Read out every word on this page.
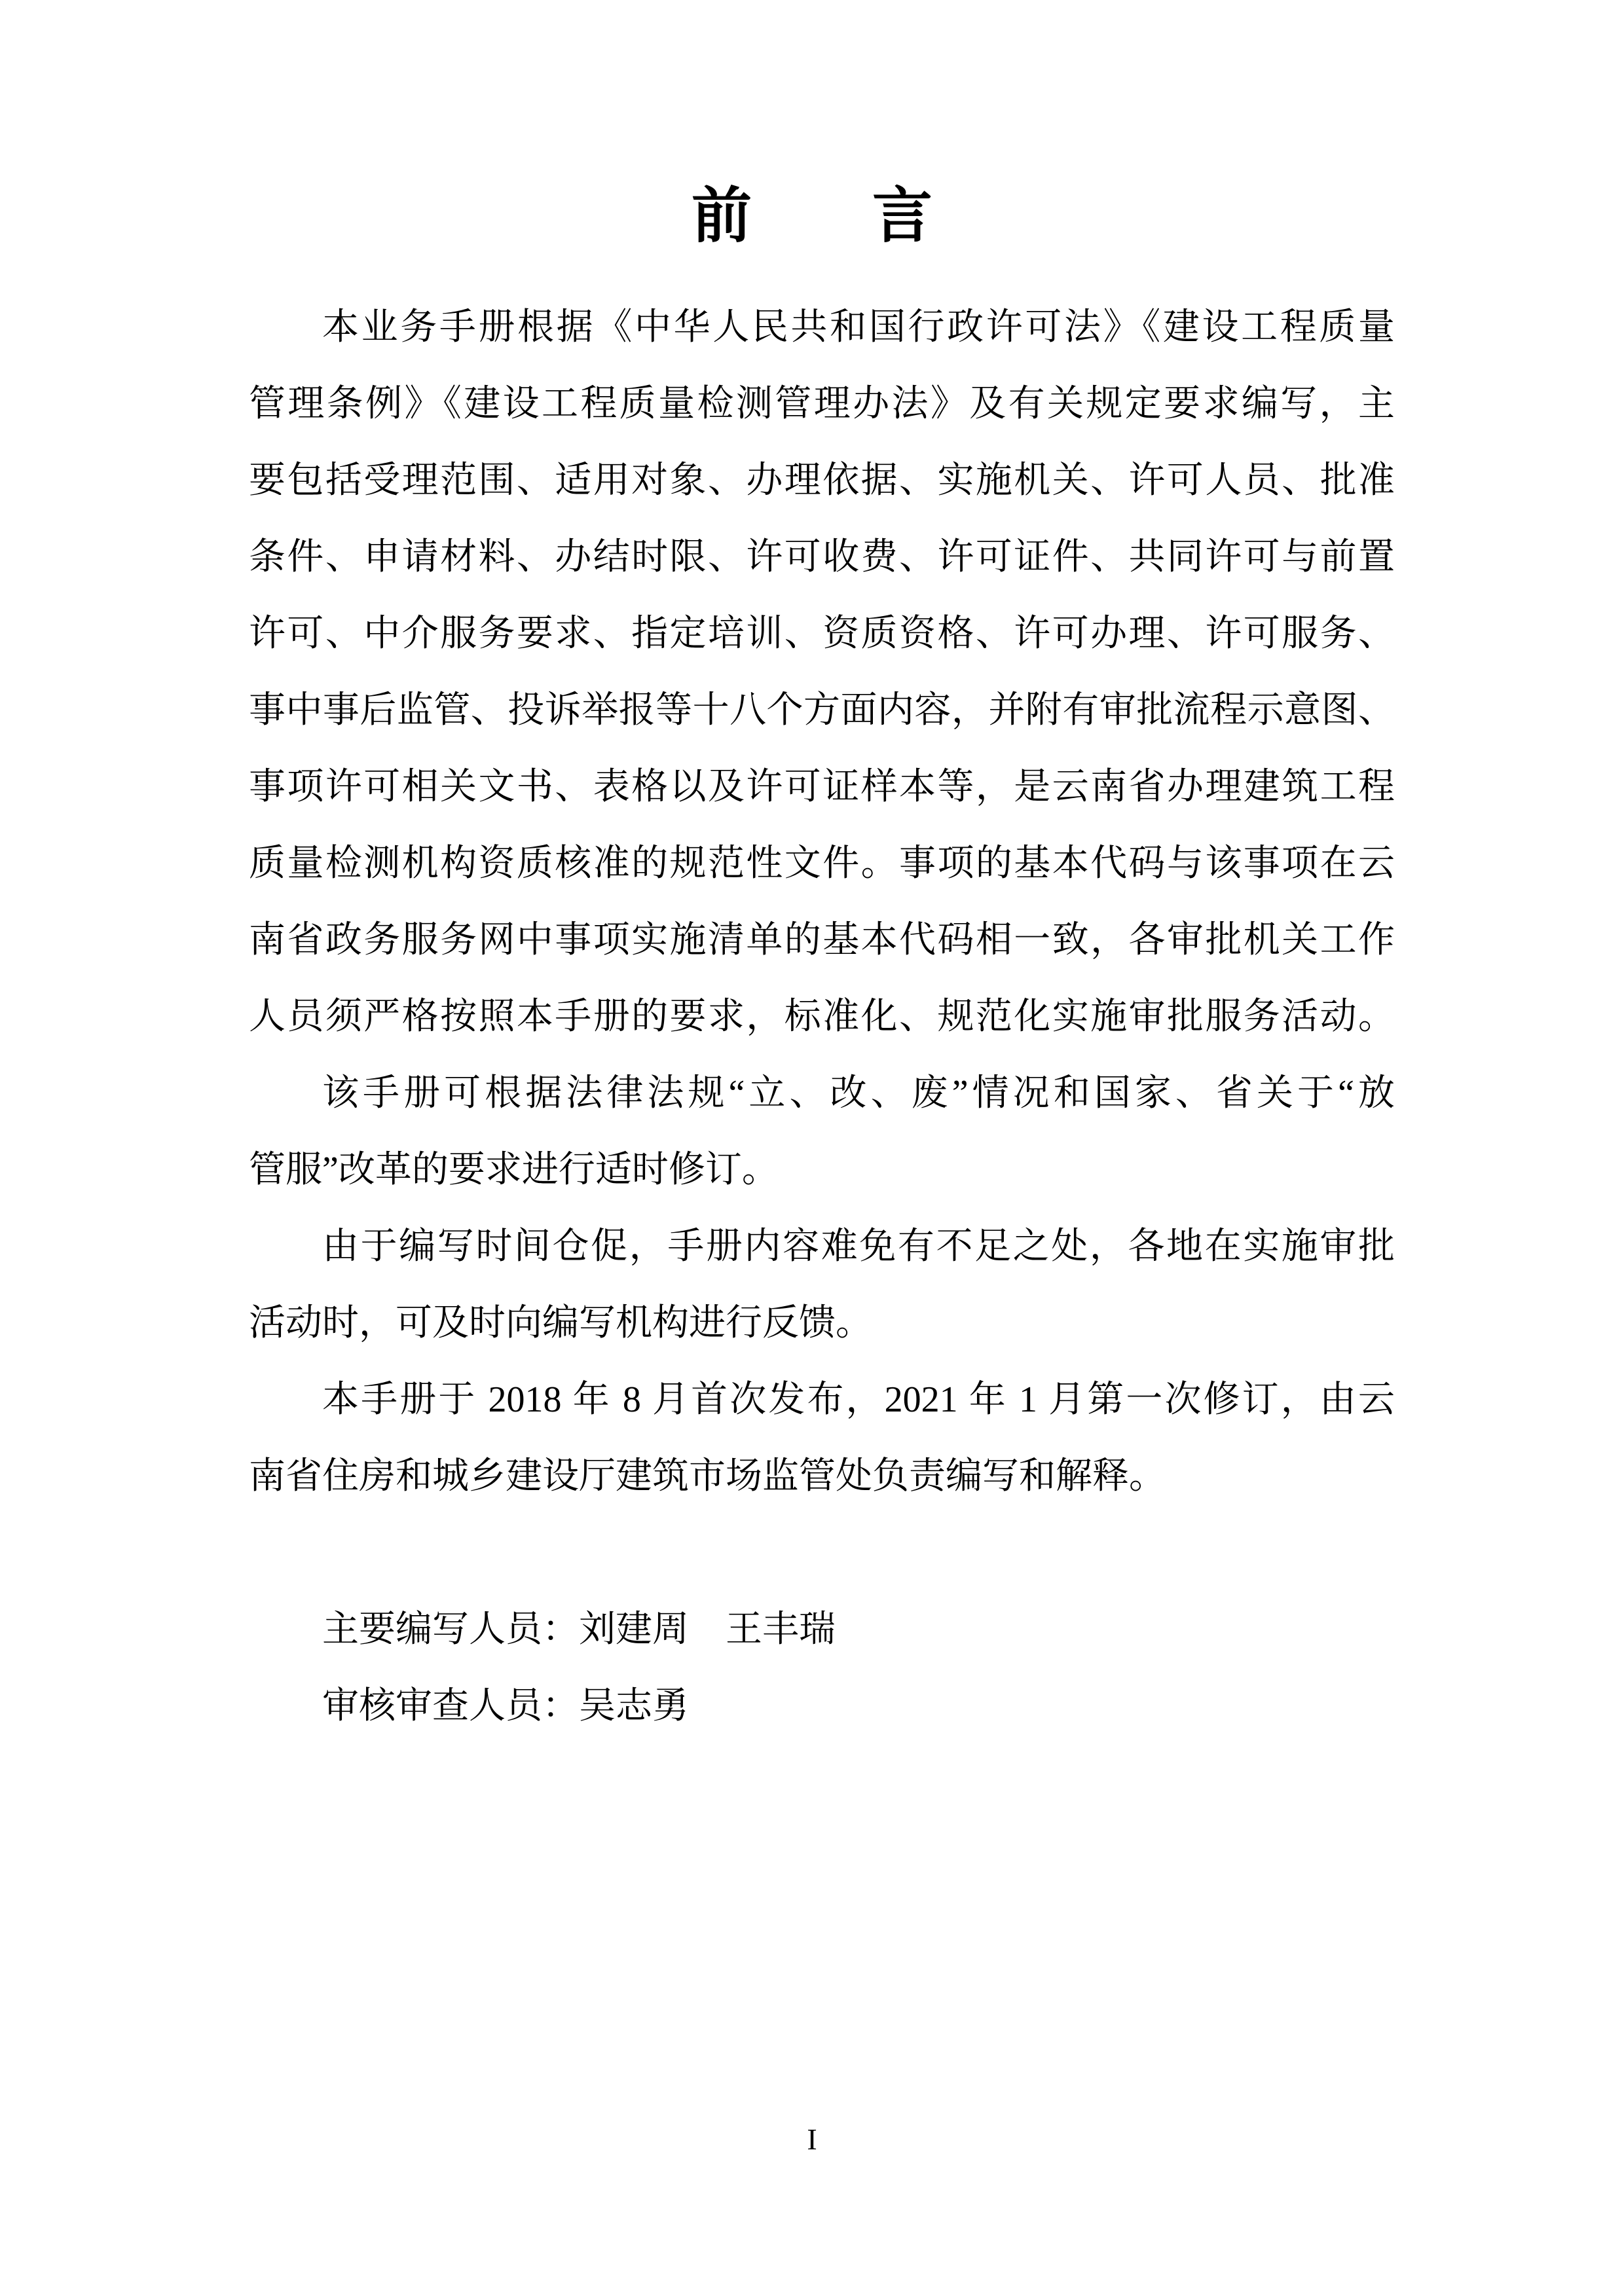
前　　言
本业务手册根据《中华人民共和国行政许可法》《建设工程质量
管理条例》《建设工程质量检测管理办法》及有关规定要求编写，主
要包括受理范围、适用对象、办理依据、实施机关、许可人员、批准
条件、申请材料、办结时限、许可收费、许可证件、共同许可与前置
许可、中介服务要求、指定培训、资质资格、许可办理、许可服务、
事中事后监管、投诉举报等十八个方面内容，并附有审批流程示意图、
事项许可相关文书、表格以及许可证样本等，是云南省办理建筑工程
质量检测机构资质核准的规范性文件。事项的基本代码与该事项在云
南省政务服务网中事项实施清单的基本代码相一致，各审批机关工作
人员须严格按照本手册的要求，标准化、规范化实施审批服务活动。
该手册可根据法律法规“立、改、废”情况和国家、省关于“放
管服”改革的要求进行适时修订。
由于编写时间仓促，手册内容难免有不足之处，各地在实施审批
活动时，可及时向编写机构进行反馈。
本手册于 2018 年 8 月首次发布，2021 年 1 月第一次修订，由云
南省住房和城乡建设厅建筑市场监管处负责编写和解释。
主要编写人员：刘建周　王丰瑞
审核审查人员：吴志勇
I
